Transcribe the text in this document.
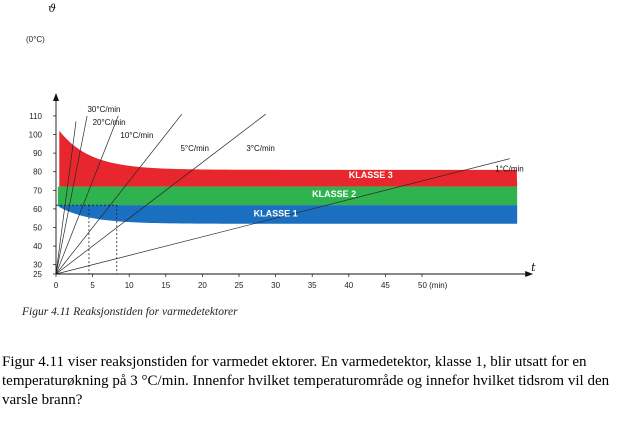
30°C/min
20°C/min
10°C/min
5°C/min	3°C/min
1°C/min
25
30
40
50
60
70
80
90
100
110
0	5	10	15	20	25	30	35	40	45	50 (min)
ϑ
(0°C)
t
KLASSE 1
KLASSE 2
KLASSE 3

Figur 4.11 Reaksjonstiden for varmedetektorer

Figur 4.11 viser reaksjonstiden for varmedet ektorer. En varmedetektor, klasse 1, blir utsatt for en temperaturøkning på 3 °C/min. Innenfor hvilket temperaturområde og innefor hvilket tidsrom vil den varsle brann?
